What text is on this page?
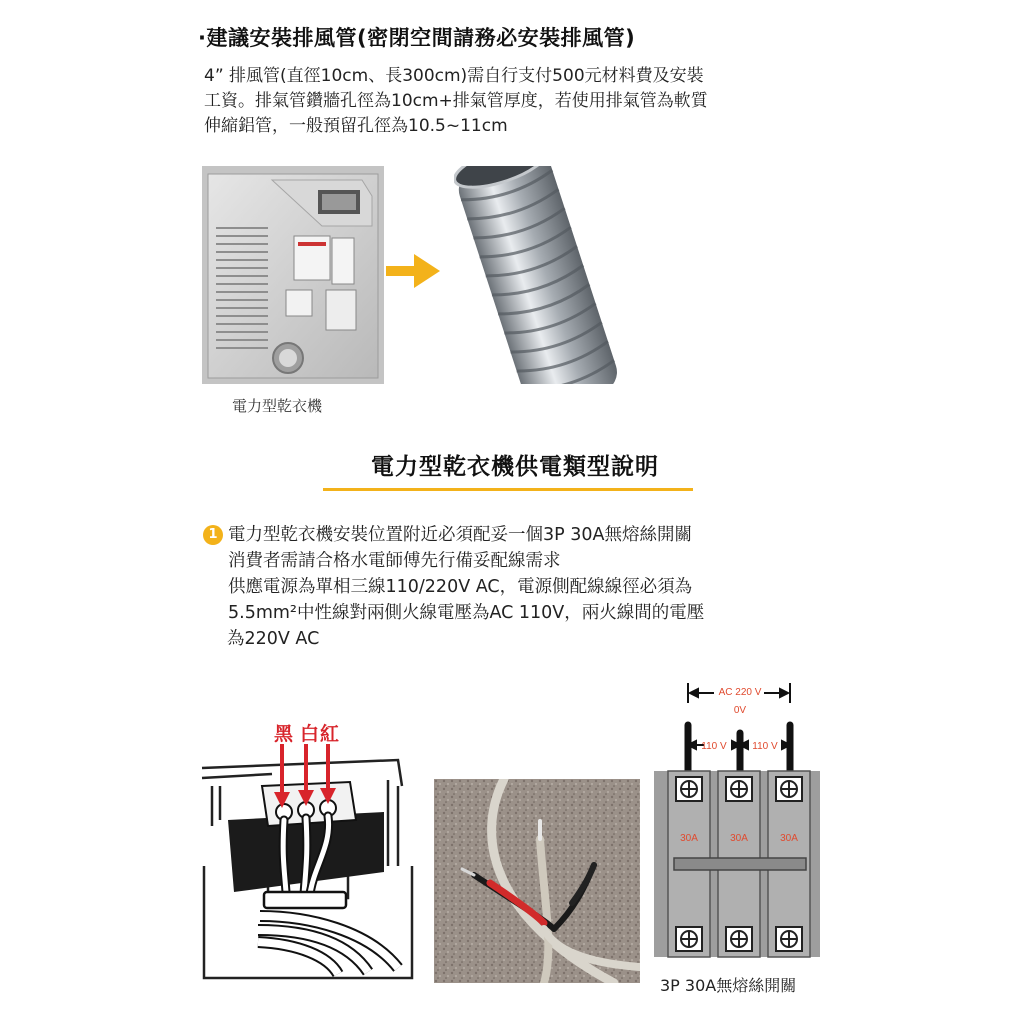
·建議安裝排風管(密閉空間請務必安裝排風管)
4” 排風管(直徑10cm、長300cm)需自行支付500元材料費及安裝
工資。排氣管鑽牆孔徑為10cm+排氣管厚度，若使用排氣管為軟質
伸縮鋁管，一般預留孔徑為10.5~11cm
電力型乾衣機
電力型乾衣機供電類型說明
1 電力型乾衣機安裝位置附近必須配妥一個3P 30A無熔絲開關
消費者需請合格水電師傅先行備妥配線需求
供應電源為單相三線110/220V AC，電源側配線線徑必須為
5.5mm²中性線對兩側火線電壓為AC 110V，兩火線間的電壓
為220V AC
黑 白 紅
AC 220 V
0V
110 V	110 V
30A	30A	30A
3P 30A無熔絲開關
